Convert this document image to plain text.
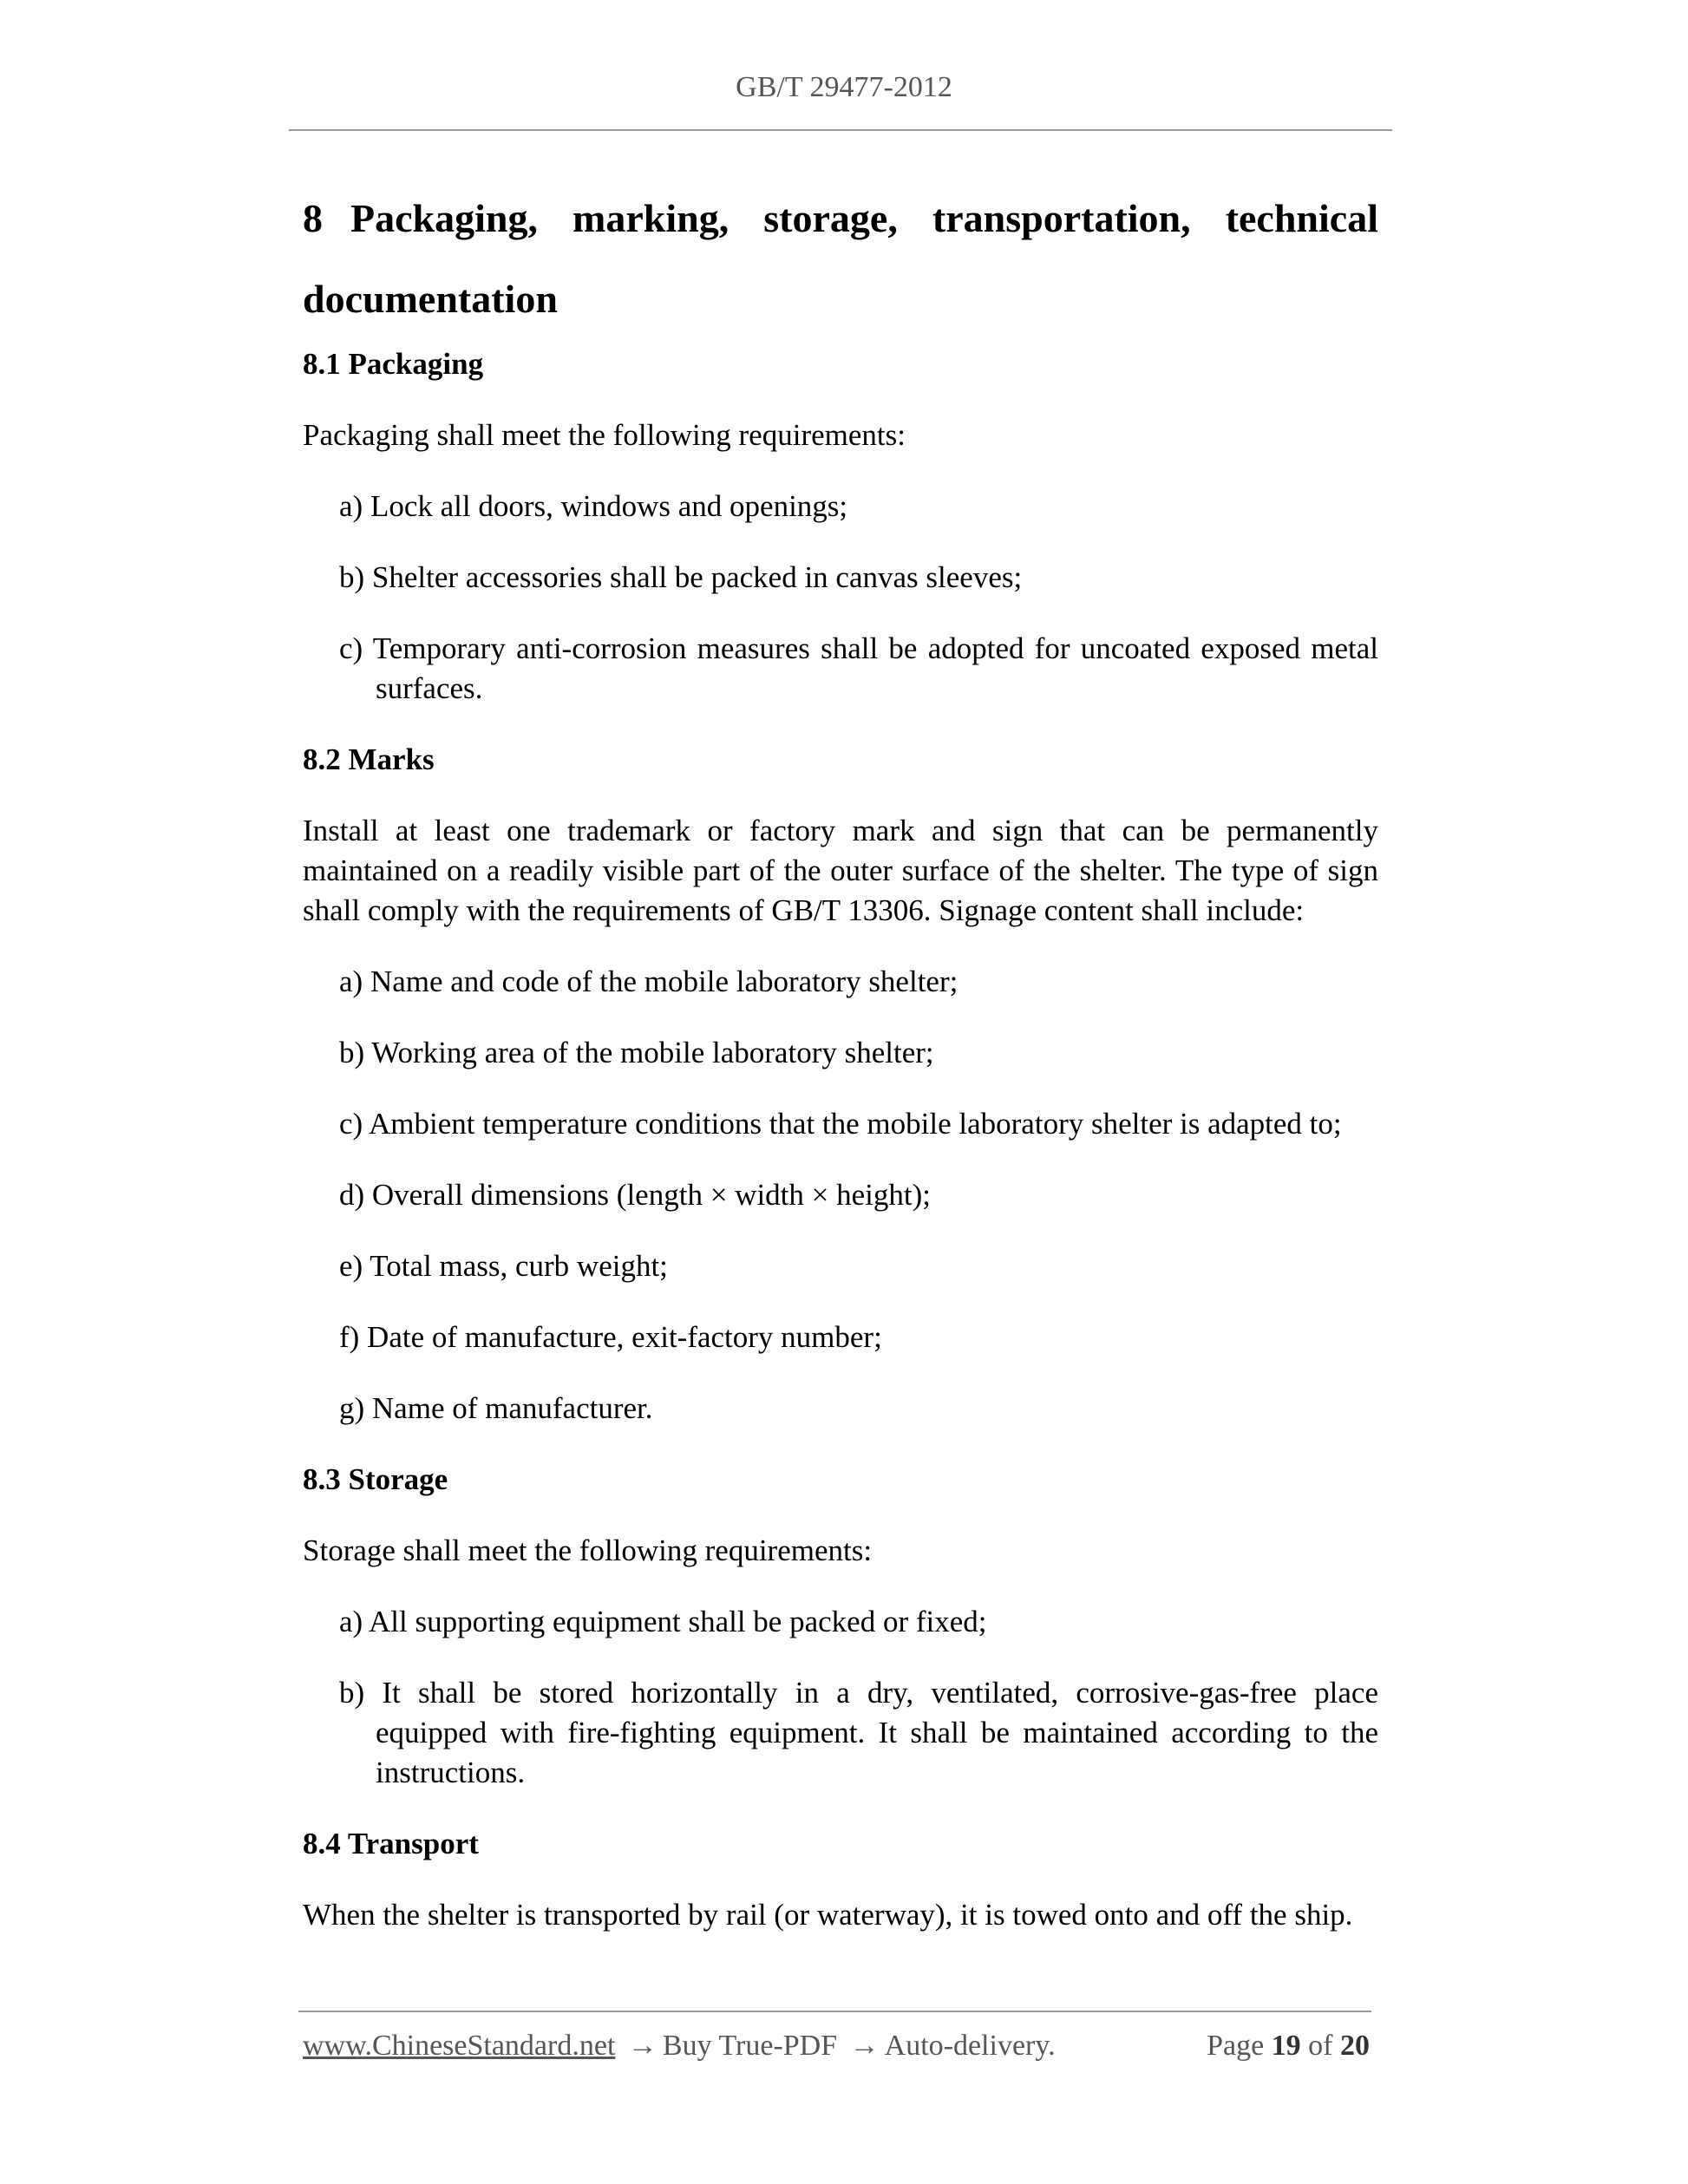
GB/T 29477-2012

8 Packaging, marking, storage, transportation, technical documentation

8.1 Packaging

Packaging shall meet the following requirements:

a) Lock all doors, windows and openings;

b) Shelter accessories shall be packed in canvas sleeves;

c) Temporary anti-corrosion measures shall be adopted for uncoated exposed metal surfaces.

8.2 Marks

Install at least one trademark or factory mark and sign that can be permanently maintained on a readily visible part of the outer surface of the shelter. The type of sign shall comply with the requirements of GB/T 13306. Signage content shall include:

a) Name and code of the mobile laboratory shelter;

b) Working area of the mobile laboratory shelter;

c) Ambient temperature conditions that the mobile laboratory shelter is adapted to;

d) Overall dimensions (length × width × height);

e) Total mass, curb weight;

f) Date of manufacture, exit-factory number;

g) Name of manufacturer.

8.3 Storage

Storage shall meet the following requirements:

a) All supporting equipment shall be packed or fixed;

b) It shall be stored horizontally in a dry, ventilated, corrosive-gas-free place equipped with fire-fighting equipment. It shall be maintained according to the instructions.

8.4 Transport

When the shelter is transported by rail (or waterway), it is towed onto and off the ship.

www.ChineseStandard.net → Buy True-PDF → Auto-delivery.	Page 19 of 20
